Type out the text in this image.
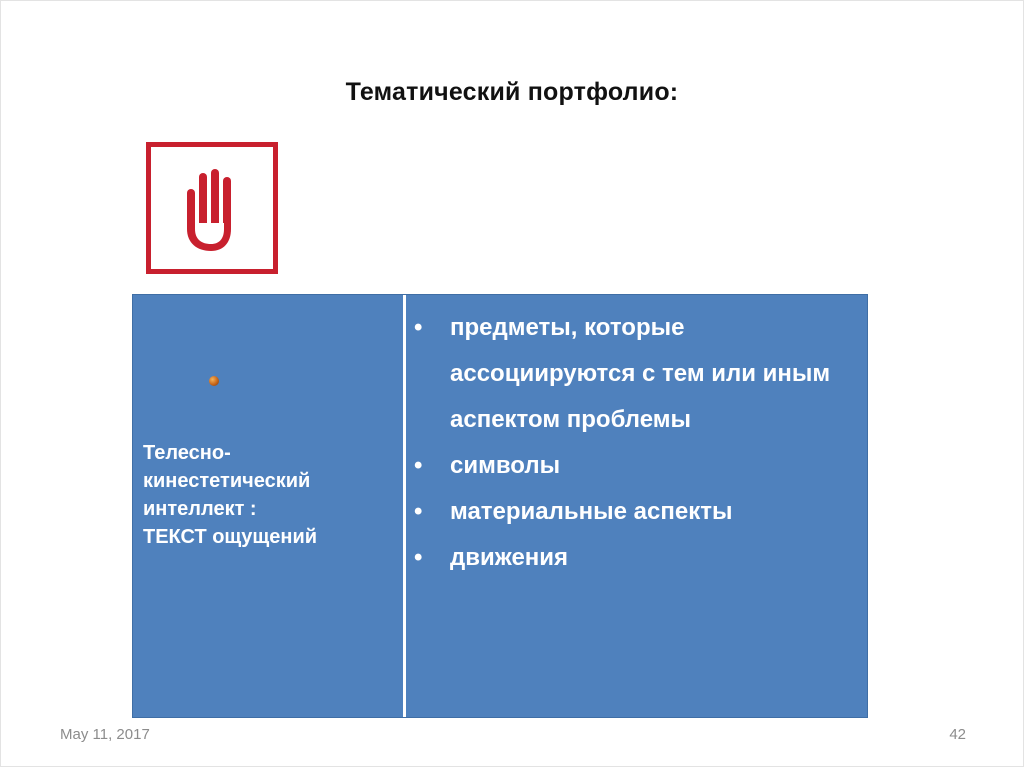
Тематический портфолио:
Телесно-
кинестетический
интеллект :
ТЕКСТ ощущений
• предметы, которые ассоциируются с тем или иным аспектом проблемы
• символы
• материальные аспекты
• движения
May 11, 2017	42
